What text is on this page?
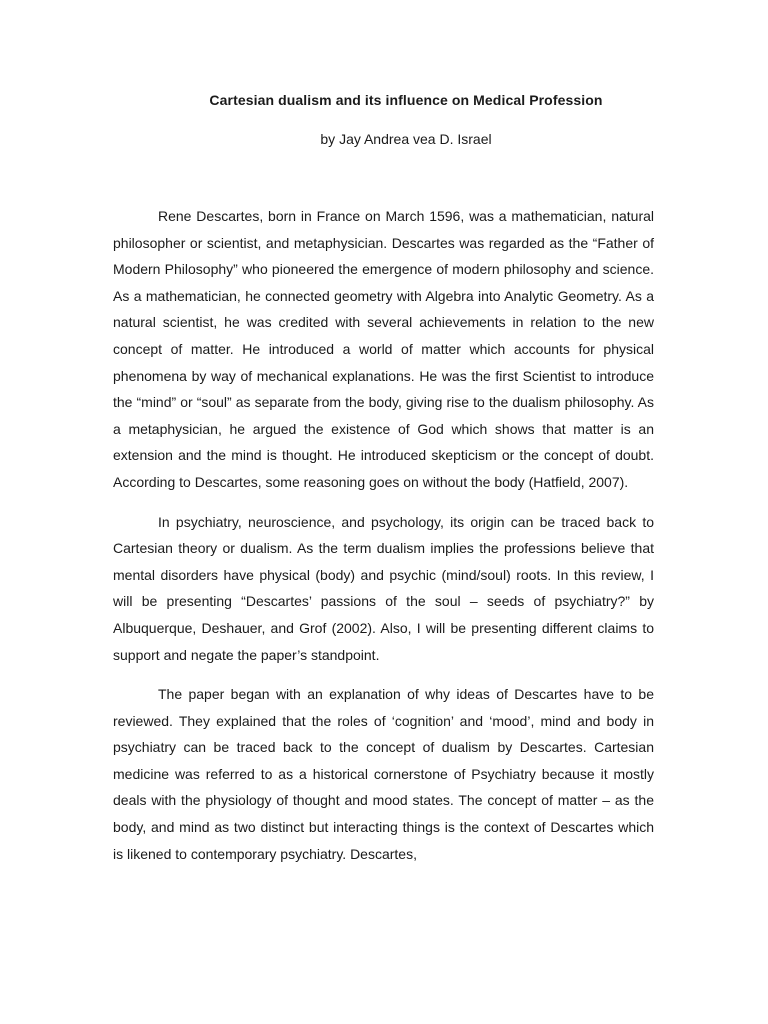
Cartesian dualism and its influence on Medical Profession
by Jay Andrea vea D. Israel

Rene Descartes, born in France on March 1596, was a mathematician, natural philosopher or scientist, and metaphysician. Descartes was regarded as the “Father of Modern Philosophy” who pioneered the emergence of modern philosophy and science. As a mathematician, he connected geometry with Algebra into Analytic Geometry. As a natural scientist, he was credited with several achievements in relation to the new concept of matter. He introduced a world of matter which accounts for physical phenomena by way of mechanical explanations. He was the first Scientist to introduce the “mind” or “soul” as separate from the body, giving rise to the dualism philosophy. As a metaphysician, he argued the existence of God which shows that matter is an extension and the mind is thought. He introduced skepticism or the concept of doubt. According to Descartes, some reasoning goes on without the body (Hatfield, 2007).

In psychiatry, neuroscience, and psychology, its origin can be traced back to Cartesian theory or dualism. As the term dualism implies the professions believe that mental disorders have physical (body) and psychic (mind/soul) roots. In this review, I will be presenting “Descartes’ passions of the soul – seeds of psychiatry?” by Albuquerque, Deshauer, and Grof (2002). Also, I will be presenting different claims to support and negate the paper’s standpoint.

The paper began with an explanation of why ideas of Descartes have to be reviewed. They explained that the roles of ‘cognition’ and ‘mood’, mind and body in psychiatry can be traced back to the concept of dualism by Descartes. Cartesian medicine was referred to as a historical cornerstone of Psychiatry because it mostly deals with the physiology of thought and mood states. The concept of matter – as the body, and mind as two distinct but interacting things is the context of Descartes which is likened to contemporary psychiatry. Descartes,
